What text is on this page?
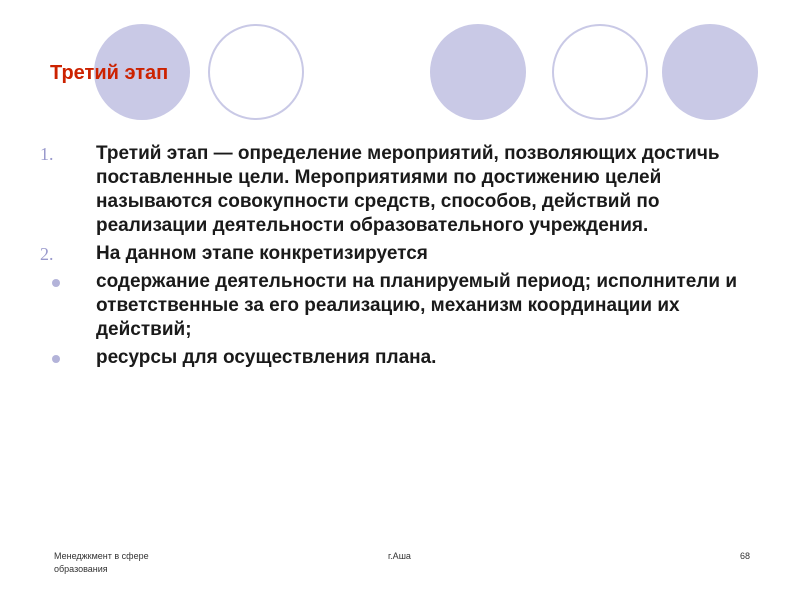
Третий этап
1.	Третий этап — определение мероприятий, позволяющих достичь поставленные цели. Мероприятиями по достижению целей называются совокупности средств, способов, действий по реализации деятельности образовательного учреждения.
2.	На данном этапе конкретизируется
содержание деятельности на планируемый период; исполнители и ответственные за его реализацию, механизм координации их действий;
ресурсы для осуществления плана.
Менеджкмент в сфере образования
г.Аша	68
